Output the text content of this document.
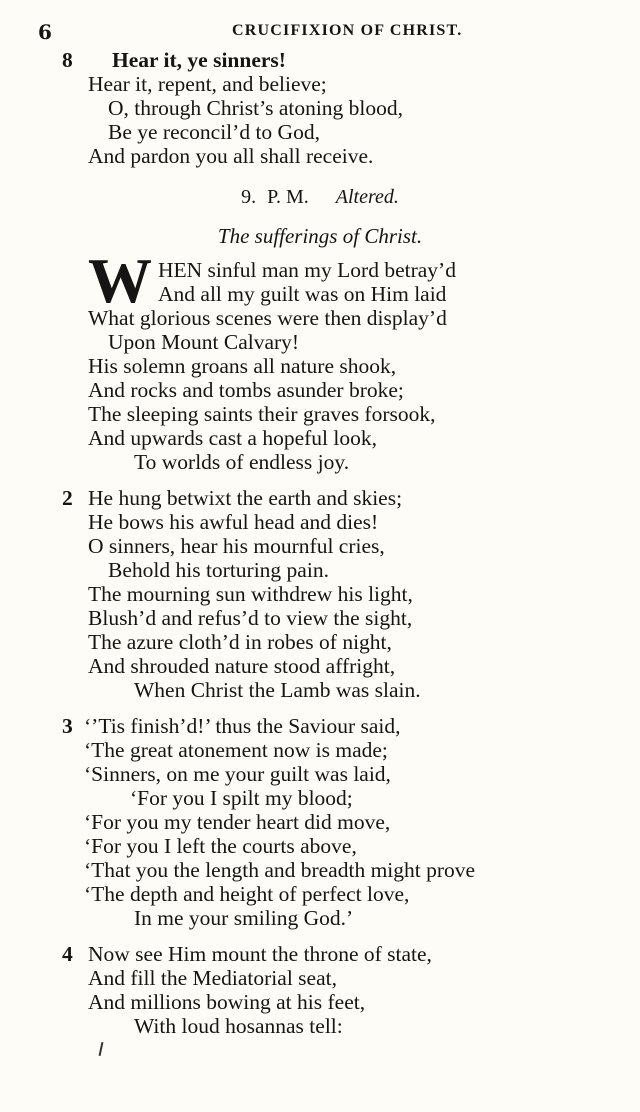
6	CRUCIFIXION OF CHRIST.
8 Hear it, ye sinners!
Hear it, repent, and believe;
O, through Christ’s atoning blood,
Be ye reconcil’d to God,
And pardon you all shall receive.
9. P. M. Altered.
The sufferings of Christ.
W HEN sinful man my Lord betray’d
And all my guilt was on Him laid
What glorious scenes were then display’d
Upon Mount Calvary!
His solemn groans all nature shook,
And rocks and tombs asunder broke;
The sleeping saints their graves forsook,
And upwards cast a hopeful look,
To worlds of endless joy.
2 He hung betwixt the earth and skies;
He bows his awful head and dies!
O sinners, hear his mournful cries,
Behold his torturing pain.
The mourning sun withdrew his light,
Blush’d and refus’d to view the sight,
The azure cloth’d in robes of night,
And shrouded nature stood affright,
When Christ the Lamb was slain.
3 ‘’Tis finish’d!’ thus the Saviour said,
‘The great atonement now is made;
‘Sinners, on me your guilt was laid,
‘For you I spilt my blood;
‘For you my tender heart did move,
‘For you I left the courts above,
‘That you the length and breadth might prove
‘The depth and height of perfect love,
In me your smiling God.’
4 Now see Him mount the throne of state,
And fill the Mediatorial seat,
And millions bowing at his feet,
With loud hosannas tell:
